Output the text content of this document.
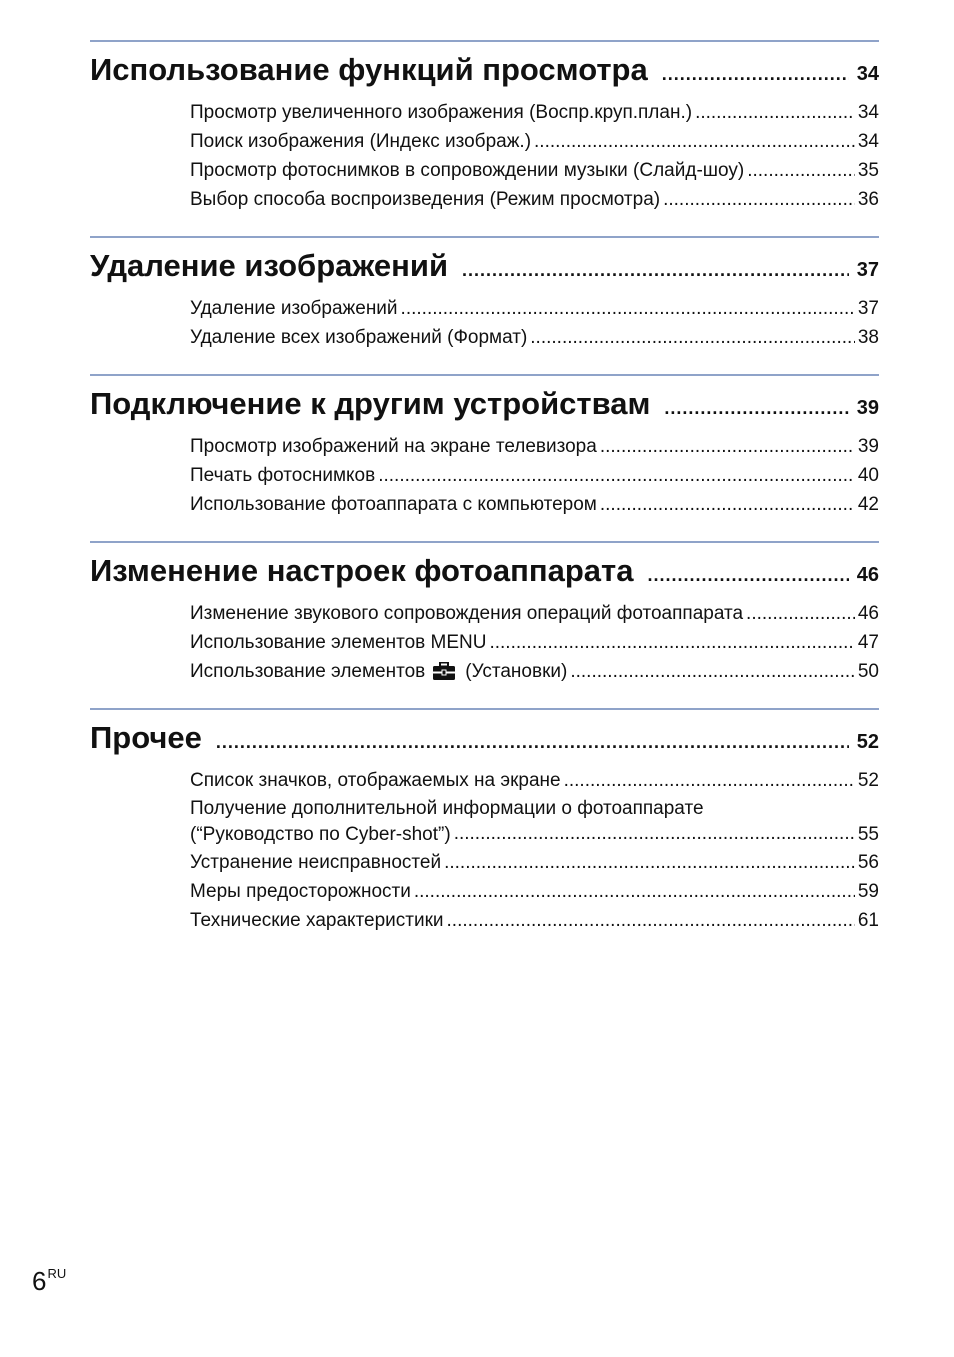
Использование функций просмотра .....	34
Просмотр увеличенного изображения (Воспр.круп.план.) .....	34
Поиск изображения (Индекс изображ.) .....	34
Просмотр фотоснимков в сопровождении музыки (Слайд-шоу) .....	35
Выбор способа воспроизведения (Режим просмотра) .....	36
Удаление изображений .....	37
Удаление изображений .....	37
Удаление всех изображений (Формат) .....	38
Подключение к другим устройствам .....	39
Просмотр изображений на экране телевизора .....	39
Печать фотоснимков .....	40
Использование фотоаппарата с компьютером .....	42
Изменение настроек фотоаппарата .....	46
Изменение звукового сопровождения операций фотоаппарата .....	46
Использование элементов MENU .....	47
Использование элементов (Установки) .....	50
Прочее .....	52
Список значков, отображаемых на экране .....	52
Получение дополнительной информации о фотоаппарате
(“Руководство по Cyber-shot”) .....	55
Устранение неисправностей .....	56
Меры предосторожности .....	59
Технические характеристики .....	61
$6^{RU}$
